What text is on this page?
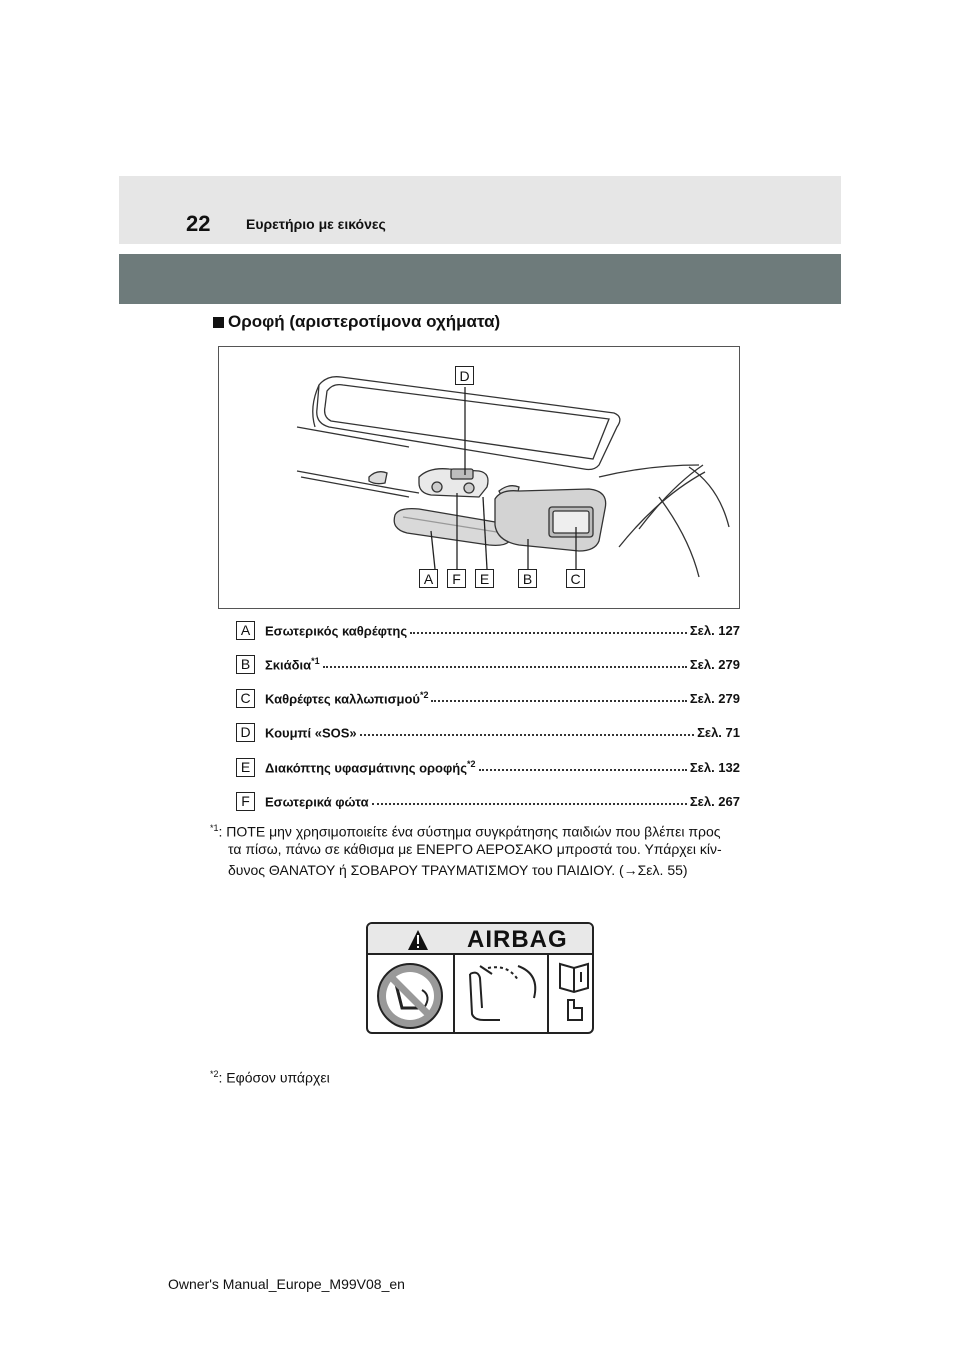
22	Ευρετήριο με εικόνες
Οροφή (αριστεροτίμονα οχήματα)
D
A	F	E	B	C
A	Εσωτερικός καθρέφτης	Σελ. 127
B	Σκιάδια$^{*1}$	Σελ. 279
C	Καθρέφτες καλλωπισμού$^{*2}$	Σελ. 279
D	Κουμπί «SOS»	Σελ. 71
E	Διακόπτης υφασμάτινης οροφής$^{*2}$	Σελ. 132
F	Εσωτερικά φώτα	Σελ. 267
$^{*1}$: ΠΟΤΕ μην χρησιμοποιείτε ένα σύστημα συγκράτησης παιδιών που βλέπει προς
τα πίσω, πάνω σε κάθισμα με ΕΝΕΡΓΟ ΑΕΡΟΣΑΚΟ μπροστά του. Υπάρχει κίν-
δυνος ΘΑΝΑΤΟΥ ή ΣΟΒΑΡΟΥ ΤΡΑΥΜΑΤΙΣΜΟΥ του ΠΑΙΔΙΟΥ. (→Σελ. 55)
AIRBAG
$^{*2}$: Εφόσον υπάρχει
Owner's Manual_Europe_M99V08_en
